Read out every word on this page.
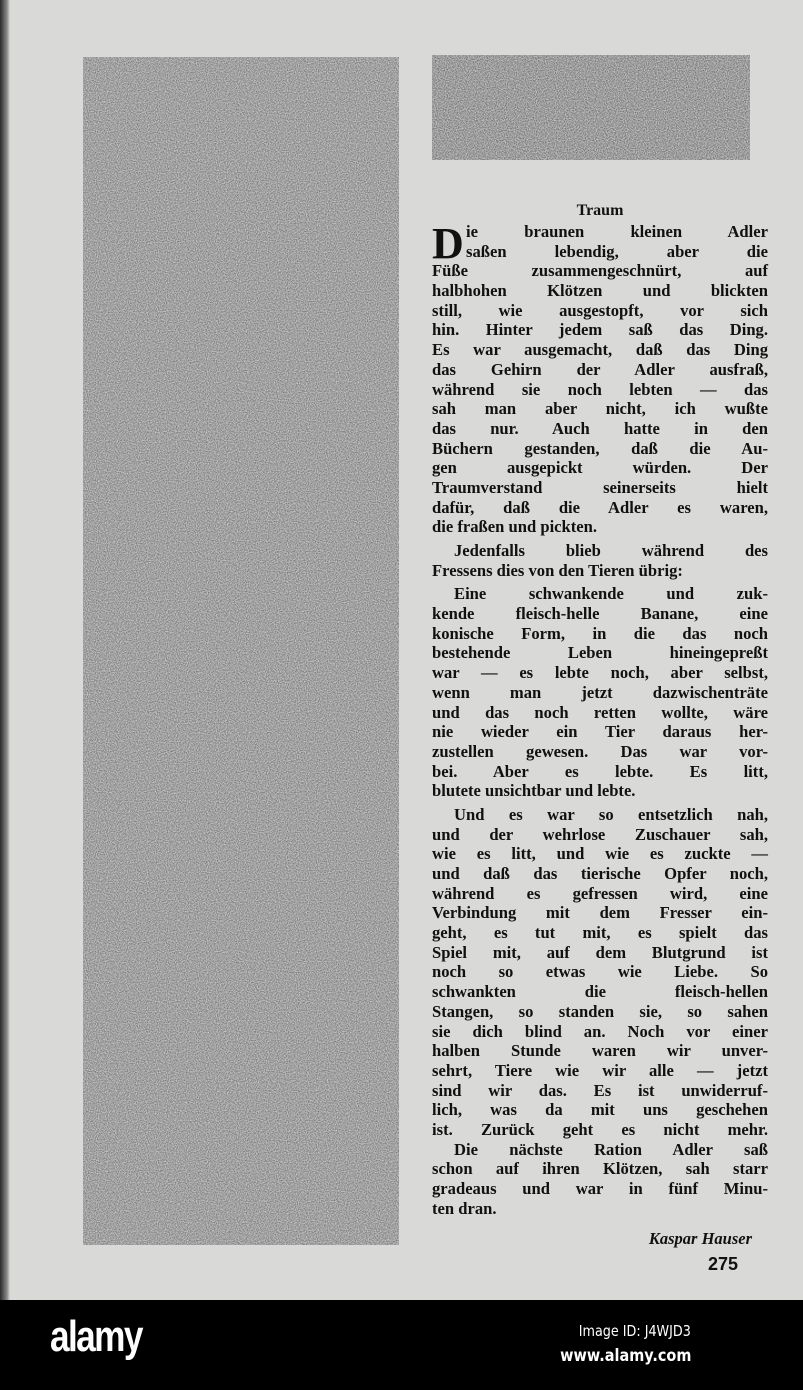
Traum
D ie braunen kleinen Adler
saßen lebendig, aber die
Füße zusammengeschnürt, auf
halbhohen Klötzen und blickten
still, wie ausgestopft, vor sich
hin. Hinter jedem saß das Ding.
Es war ausgemacht, daß das Ding
das Gehirn der Adler ausfraß,
während sie noch lebten — das
sah man aber nicht, ich wußte
das nur. Auch hatte in den
Büchern gestanden, daß die Au-
gen ausgepickt würden. Der
Traumverstand seinerseits hielt
dafür, daß die Adler es waren,
die fraßen und pickten.
Jedenfalls blieb während des
Fressens dies von den Tieren übrig:
Eine schwankende und zuk-
kende fleisch-helle Banane, eine
konische Form, in die das noch
bestehende Leben hineingepreßt
war — es lebte noch, aber selbst,
wenn man jetzt dazwischenträte
und das noch retten wollte, wäre
nie wieder ein Tier daraus her-
zustellen gewesen. Das war vor-
bei. Aber es lebte. Es litt,
blutete unsichtbar und lebte.
Und es war so entsetzlich nah,
und der wehrlose Zuschauer sah,
wie es litt, und wie es zuckte —
und daß das tierische Opfer noch,
während es gefressen wird, eine
Verbindung mit dem Fresser ein-
geht, es tut mit, es spielt das
Spiel mit, auf dem Blutgrund ist
noch so etwas wie Liebe. So
schwankten die fleisch-hellen
Stangen, so standen sie, so sahen
sie dich blind an. Noch vor einer
halben Stunde waren wir unver-
sehrt, Tiere wie wir alle — jetzt
sind wir das. Es ist unwiderruf-
lich, was da mit uns geschehen
ist. Zurück geht es nicht mehr.
Die nächste Ration Adler saß
schon auf ihren Klötzen, sah starr
gradeaus und war in fünf Minu-
ten dran.
Kaspar Hauser
275
alamy	Image ID: J4WJD3
www.alamy.com
